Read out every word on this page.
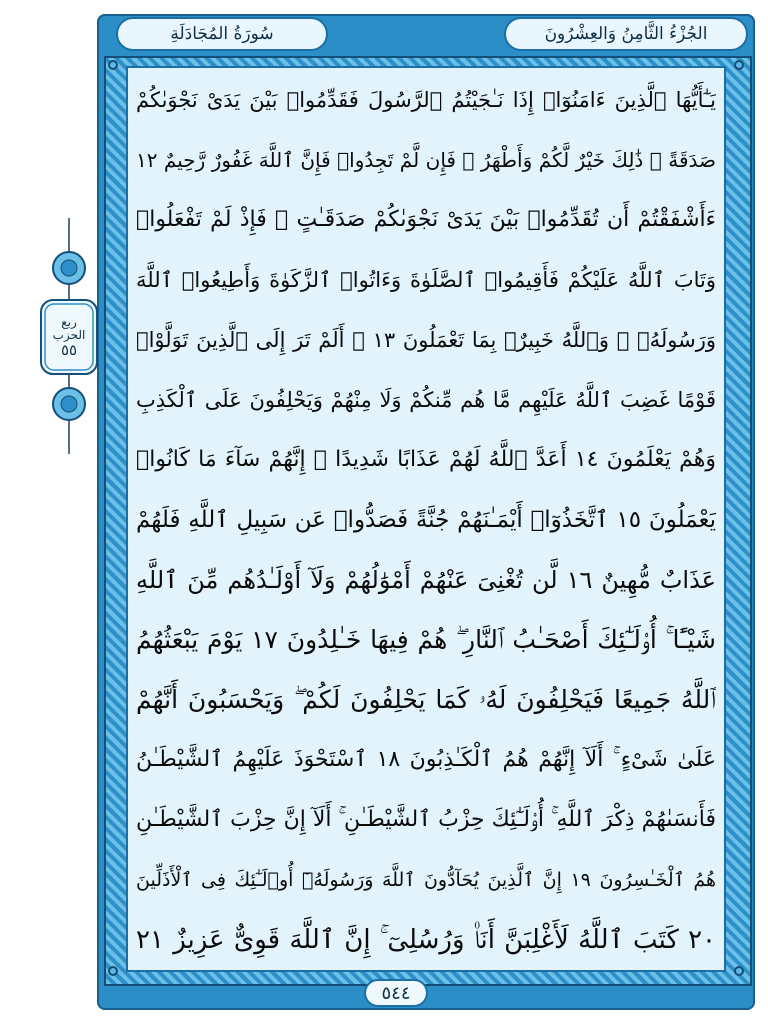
الجُزْءُ الثَّامِنُ وَالعِشْرُونَ
سُورَةُ المُجَادَلَةِ
ربع
الحزب
٥٥
يَـٰٓأَيُّهَا ٱلَّذِينَ ءَامَنُوٓا۟ إِذَا نَـٰجَيْتُمُ ٱلرَّسُولَ فَقَدِّمُوا۟ بَيْنَ يَدَىْ نَجْوَىٰكُمْ
صَدَقَةً ۚ ذَٰلِكَ خَيْرٌ لَّكُمْ وَأَطْهَرُ ۚ فَإِن لَّمْ تَجِدُوا۟ فَإِنَّ ٱللَّهَ غَفُورٌ رَّحِيمٌ ١٢
ءَأَشْفَقْتُمْ أَن تُقَدِّمُوا۟ بَيْنَ يَدَىْ نَجْوَىٰكُمْ صَدَقَـٰتٍ ۚ فَإِذْ لَمْ تَفْعَلُوا۟
وَتَابَ ٱللَّهُ عَلَيْكُمْ فَأَقِيمُوا۟ ٱلصَّلَوٰةَ وَءَاتُوا۟ ٱلزَّكَوٰةَ وَأَطِيعُوا۟ ٱللَّهَ
وَرَسُولَهُۥ ۚ وَٱللَّهُ خَبِيرٌۢ بِمَا تَعْمَلُونَ ١٣ ۞ أَلَمْ تَرَ إِلَى ٱلَّذِينَ تَوَلَّوْا۟
قَوْمًا غَضِبَ ٱللَّهُ عَلَيْهِم مَّا هُم مِّنكُمْ وَلَا مِنْهُمْ وَيَحْلِفُونَ عَلَى ٱلْكَذِبِ
وَهُمْ يَعْلَمُونَ ١٤ أَعَدَّ ٱللَّهُ لَهُمْ عَذَابًا شَدِيدًا ۖ إِنَّهُمْ سَآءَ مَا كَانُوا۟
يَعْمَلُونَ ١٥ ٱتَّخَذُوٓا۟ أَيْمَـٰنَهُمْ جُنَّةً فَصَدُّوا۟ عَن سَبِيلِ ٱللَّهِ فَلَهُمْ
عَذَابٌ مُّهِينٌ ١٦ لَّن تُغْنِىَ عَنْهُمْ أَمْوَٰلُهُمْ وَلَآ أَوْلَـٰدُهُم مِّنَ ٱللَّهِ
شَيْـًٔا ۚ أُو۟لَـٰٓئِكَ أَصْحَـٰبُ ٱلنَّارِ ۖ هُمْ فِيهَا خَـٰلِدُونَ ١٧ يَوْمَ يَبْعَثُهُمُ
ٱللَّهُ جَمِيعًا فَيَحْلِفُونَ لَهُۥ كَمَا يَحْلِفُونَ لَكُمْ ۖ وَيَحْسَبُونَ أَنَّهُمْ
عَلَىٰ شَىْءٍ ۚ أَلَآ إِنَّهُمْ هُمُ ٱلْكَـٰذِبُونَ ١٨ ٱسْتَحْوَذَ عَلَيْهِمُ ٱلشَّيْطَـٰنُ
فَأَنسَىٰهُمْ ذِكْرَ ٱللَّهِ ۚ أُو۟لَـٰٓئِكَ حِزْبُ ٱلشَّيْطَـٰنِ ۚ أَلَآ إِنَّ حِزْبَ ٱلشَّيْطَـٰنِ
هُمُ ٱلْخَـٰسِرُونَ ١٩ إِنَّ ٱلَّذِينَ يُحَآدُّونَ ٱللَّهَ وَرَسُولَهُۥٓ أُو۟لَـٰٓئِكَ فِى ٱلْأَذَلِّينَ
٢٠ كَتَبَ ٱللَّهُ لَأَغْلِبَنَّ أَنَا۠ وَرُسُلِىٓ ۚ إِنَّ ٱللَّهَ قَوِىٌّ عَزِيزٌ ٢١
٥٤٤
